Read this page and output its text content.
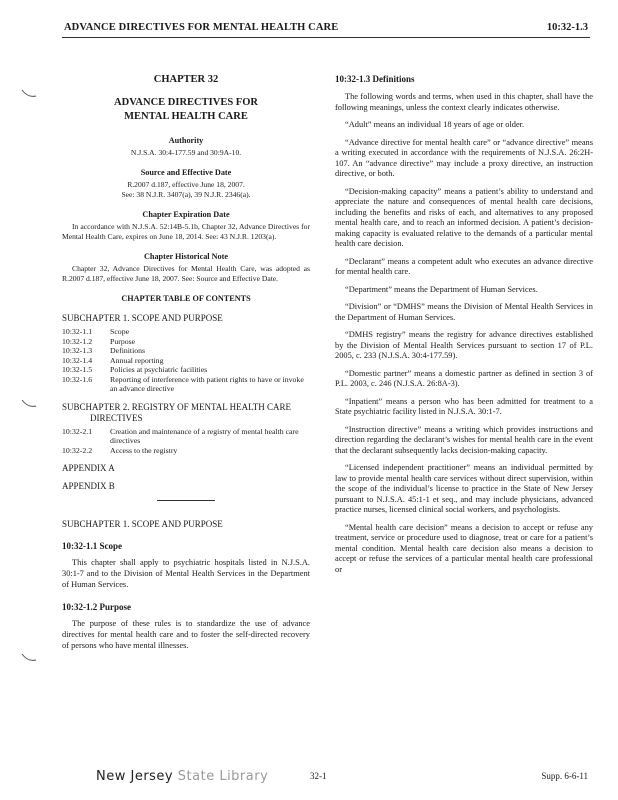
ADVANCE DIRECTIVES FOR MENTAL HEALTH CARE	10:32-1.3
CHAPTER 32
ADVANCE DIRECTIVES FOR
MENTAL HEALTH CARE
Authority
N.J.S.A. 30:4-177.59 and 30:9A-10.
Source and Effective Date
R.2007 d.187, effective June 18, 2007.
See: 38 N.J.R. 3407(a), 39 N.J.R. 2346(a).
Chapter Expiration Date
In accordance with N.J.S.A. 52:14B-5.1b, Chapter 32, Advance Directives for Mental Health Care, expires on June 18, 2014. See: 43 N.J.R. 1203(a).
Chapter Historical Note
Chapter 32, Advance Directives for Mental Health Care, was adopted as R.2007 d.187, effective June 18, 2007. See: Source and Effective Date.
CHAPTER TABLE OF CONTENTS
SUBCHAPTER 1. SCOPE AND PURPOSE
10:32-1.1	Scope
10:32-1.2	Purpose
10:32-1.3	Definitions
10:32-1.4	Annual reporting
10:32-1.5	Policies at psychiatric facilities
10:32-1.6	Reporting of interference with patient rights to have or invoke an advance directive
SUBCHAPTER 2. REGISTRY OF MENTAL HEALTH CARE
DIRECTIVES
10:32-2.1	Creation and maintenance of a registry of mental health care directives
10:32-2.2	Access to the registry
APPENDIX A
APPENDIX B
SUBCHAPTER 1. SCOPE AND PURPOSE
10:32-1.1 Scope
This chapter shall apply to psychiatric hospitals listed in N.J.S.A. 30:1-7 and to the Division of Mental Health Services in the Department of Human Services.
10:32-1.2 Purpose
The purpose of these rules is to standardize the use of advance directives for mental health care and to foster the self-directed recovery of persons who have mental illnesses.
10:32-1.3 Definitions
The following words and terms, when used in this chapter, shall have the following meanings, unless the context clearly indicates otherwise.
“Adult” means an individual 18 years of age or older.
“Advance directive for mental health care” or “advance directive” means a writing executed in accordance with the requirements of N.J.S.A. 26:2H-107. An “advance directive” may include a proxy directive, an instruction directive, or both.
“Decision-making capacity” means a patient’s ability to understand and appreciate the nature and consequences of mental health care decisions, including the benefits and risks of each, and alternatives to any proposed mental health care, and to reach an informed decision. A patient’s decision-making capacity is evaluated relative to the demands of a particular mental health care decision.
“Declarant” means a competent adult who executes an advance directive for mental health care.
“Department” means the Department of Human Services.
“Division” or “DMHS” means the Division of Mental Health Services in the Department of Human Services.
“DMHS registry” means the registry for advance directives established by the Division of Mental Health Services pursuant to section 17 of P.L. 2005, c. 233 (N.J.S.A. 30:4-177.59).
“Domestic partner” means a domestic partner as defined in section 3 of P.L. 2003, c. 246 (N.J.S.A. 26:8A-3).
“Inpatient” means a person who has been admitted for treatment to a State psychiatric facility listed in N.J.S.A. 30:1-7.
“Instruction directive” means a writing which provides instructions and direction regarding the declarant’s wishes for mental health care in the event that the declarant subsequently lacks decision-making capacity.
“Licensed independent practitioner” means an individual permitted by law to provide mental health care services without direct supervision, within the scope of the individual’s license to practice in the State of New Jersey pursuant to N.J.S.A. 45:1-1 et seq., and may include physicians, advanced practice nurses, licensed clinical social workers, and psychologists.
“Mental health care decision” means a decision to accept or refuse any treatment, service or procedure used to diagnose, treat or care for a patient’s mental condition. Mental health care decision also means a decision to accept or refuse the services of a particular mental health care professional or
New Jersey State Library	32-1	Supp. 6-6-11
